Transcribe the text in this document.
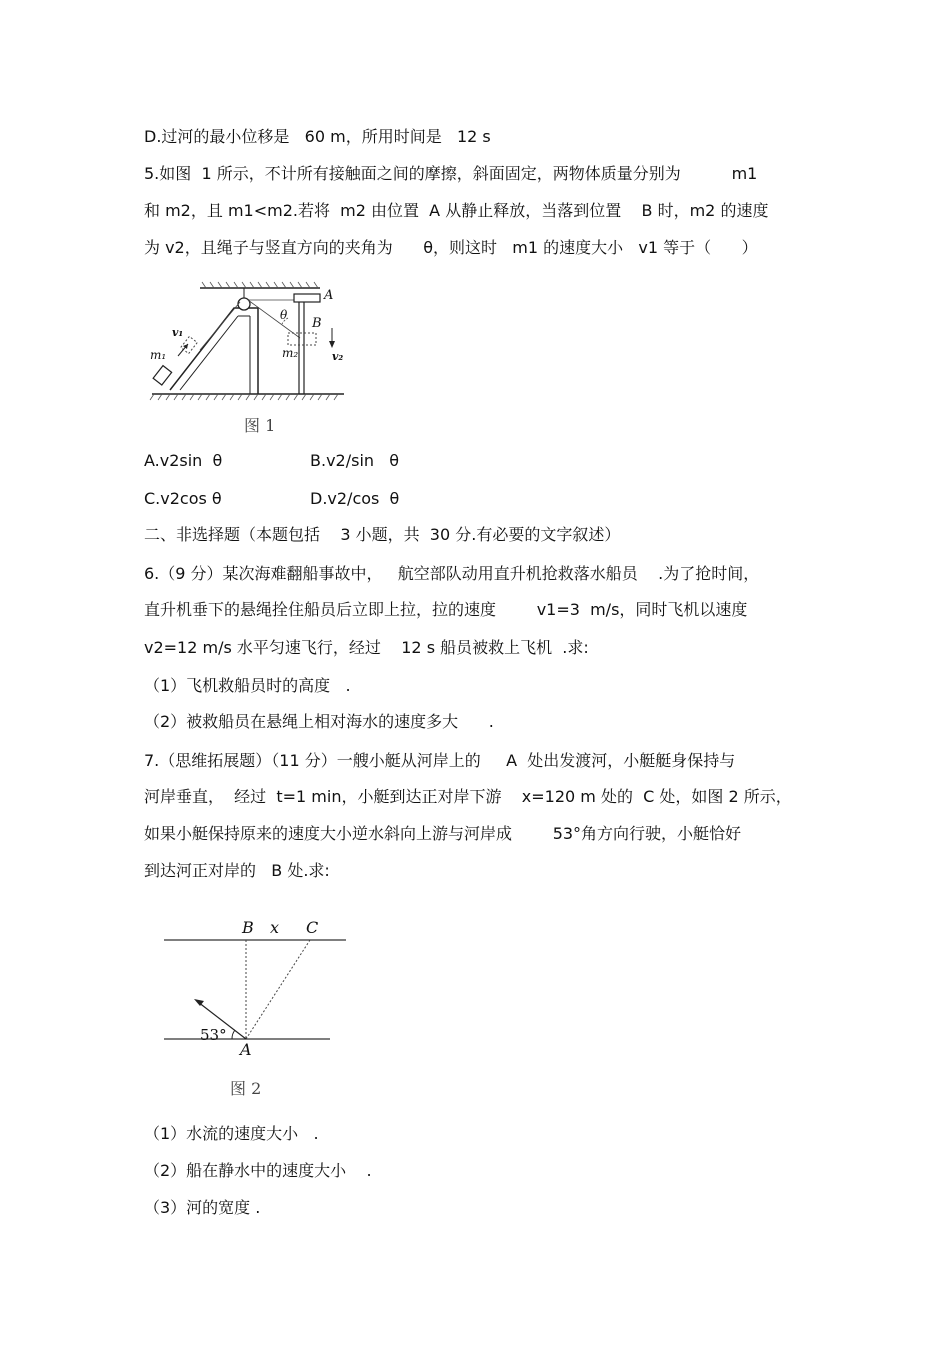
D.过河的最小位移是   60 m，所用时间是   12 s
5.如图  1 所示，不计所有接触面之间的摩擦，斜面固定，两物体质量分别为          m1
和 m2，且 m1<m2.若将  m2 由位置  A 从静止释放，当落到位置    B 时，m2 的速度
为 v2，且绳子与竖直方向的夹角为      θ，则这时   m1 的速度大小   v1 等于（      ）
A
θ
B
v₁
m₁	m₂	v₂
图 1
A.v2sin  θ	B.v2/sin   θ
C.v2cos θ	D.v2/cos  θ
二、非选择题（本题包括    3 小题，共  30 分.有必要的文字叙述）
6.（9 分）某次海难翻船事故中，   航空部队动用直升机抢救落水船员    .为了抢时间，
直升机垂下的悬绳拴住船员后立即上拉，拉的速度        v1=3  m/s，同时飞机以速度
v2=12 m/s 水平匀速飞行，经过    12 s 船员被救上飞机  .求:
（1）飞机救船员时的高度   .
（2）被救船员在悬绳上相对海水的速度多大      .
7.（思维拓展题）（11 分）一艘小艇从河岸上的     A  处出发渡河，小艇艇身保持与
河岸垂直，  经过  t=1 min，小艇到达正对岸下游    x=120 m 处的  C 处，如图 2 所示，
如果小艇保持原来的速度大小逆水斜向上游与河岸成        53°角方向行驶，小艇恰好
到达河正对岸的   B 处.求:
B x C
53°
A
图 2
（1）水流的速度大小   .
（2）船在静水中的速度大小    .
（3）河的宽度 .
